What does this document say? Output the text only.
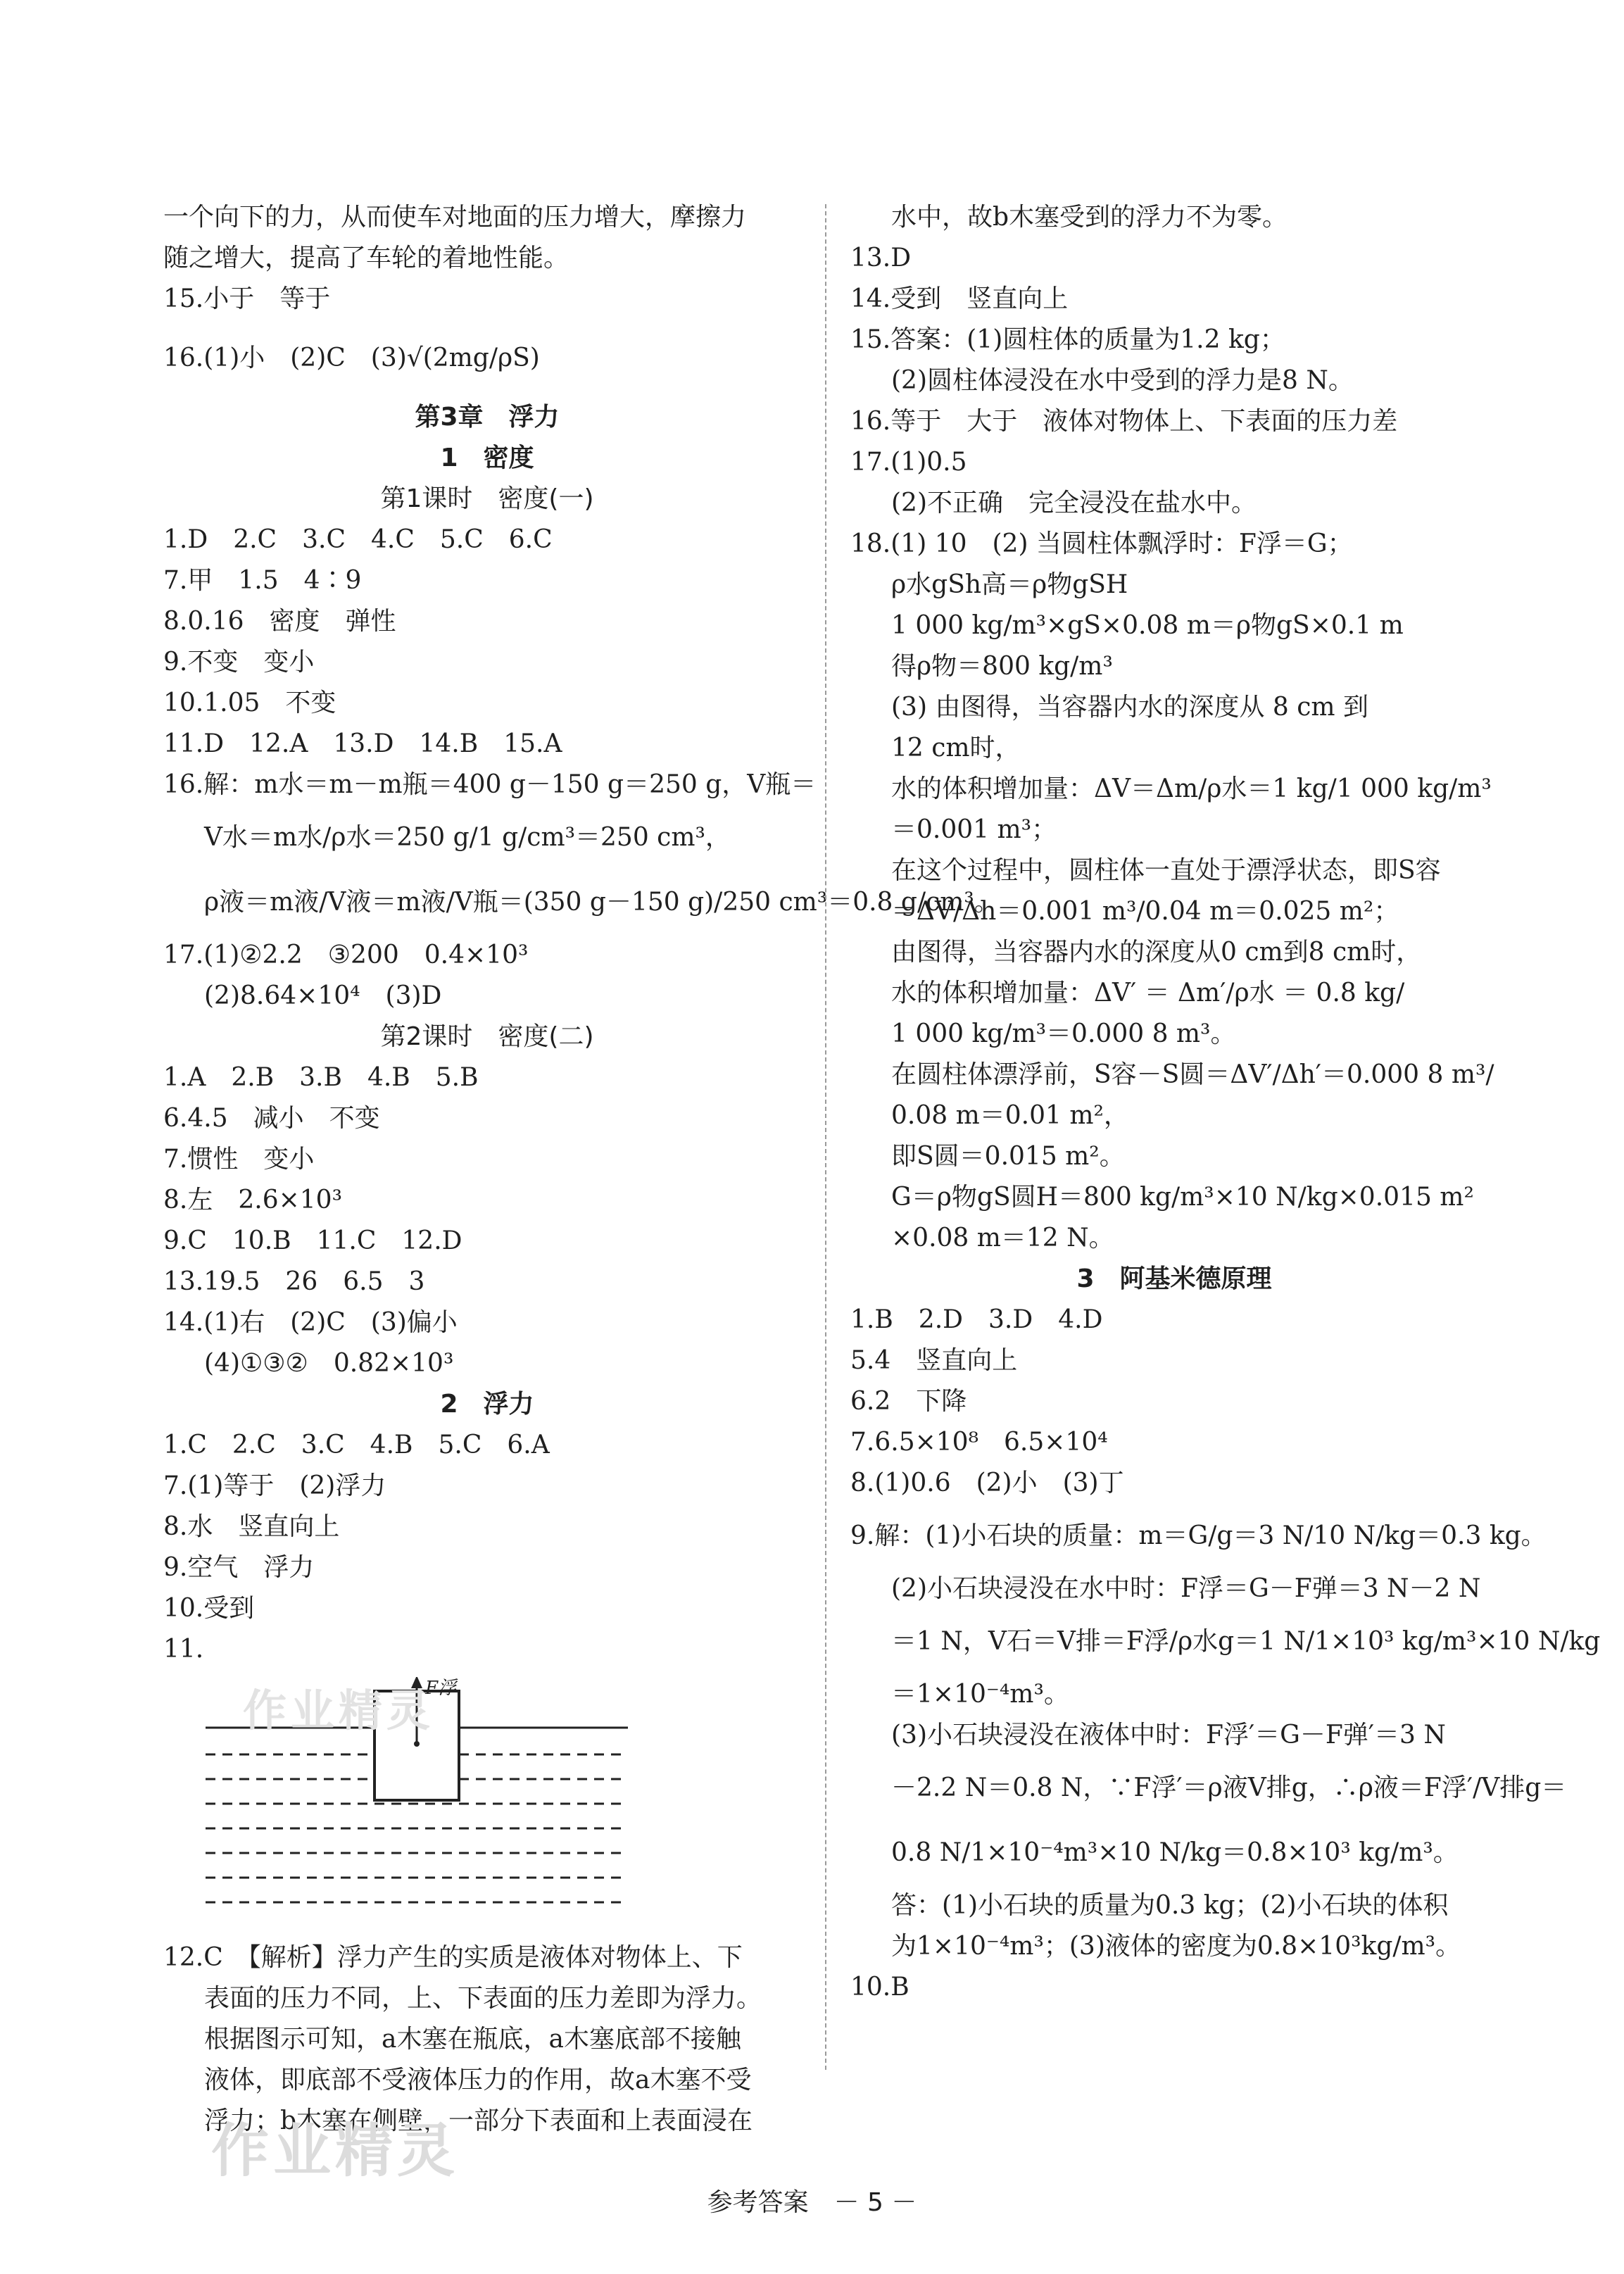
一个向下的力，从而使车对地面的压力增大，摩擦力
随之增大，提高了车轮的着地性能。
15.小于　等于
16.(1)小　(2)C　(3)√(2mg/ρS)
第3章　浮力
1　密度
第1课时　密度(一)
1.D　2.C　3.C　4.C　5.C　6.C
7.甲　1.5　4∶9
8.0.16　密度　弹性
9.不变　变小
10.1.05　不变
11.D　12.A　13.D　14.B　15.A
16.解：m水＝m－m瓶＝400 g－150 g＝250 g，V瓶＝
V水＝m水/ρ水＝250 g/1 g/cm³＝250 cm³，
ρ液＝m液/V液＝m液/V瓶＝(350 g－150 g)/250 cm³＝0.8 g/cm³。
17.(1)②2.2　③200　0.4×10³
(2)8.64×10⁴　(3)D
第2课时　密度(二)
1.A　2.B　3.B　4.B　5.B
6.4.5　减小　不变
7.惯性　变小
8.左　2.6×10³
9.C　10.B　11.C　12.D
13.19.5　26　6.5　3
14.(1)右　(2)C　(3)偏小
(4)①③②　0.82×10³
2　浮力
1.C　2.C　3.C　4.B　5.C　6.A
7.(1)等于　(2)浮力
8.水　竖直向上
9.空气　浮力
10.受到
11.
F浮
12.C　【解析】浮力产生的实质是液体对物体上、下
表面的压力不同，上、下表面的压力差即为浮力。
根据图示可知，a木塞在瓶底，a木塞底部不接触
液体，即底部不受液体压力的作用，故a木塞不受
浮力；b木塞在侧壁，一部分下表面和上表面浸在
水中，故b木塞受到的浮力不为零。
13.D
14.受到　竖直向上
15.答案：(1)圆柱体的质量为1.2 kg；
(2)圆柱体浸没在水中受到的浮力是8 N。
16.等于　大于　液体对物体上、下表面的压力差
17.(1)0.5
(2)不正确　完全浸没在盐水中。
18.(1) 10　(2) 当圆柱体飘浮时：F浮＝G；
ρ水gSh高＝ρ物gSH
1 000 kg/m³×gS×0.08 m＝ρ物gS×0.1 m
得ρ物＝800 kg/m³
(3) 由图得，当容器内水的深度从 8 cm 到
12 cm时，
水的体积增加量：ΔV＝Δm/ρ水＝1 kg/1 000 kg/m³
＝0.001 m³；
在这个过程中，圆柱体一直处于漂浮状态，即S容
＝ΔV/Δh＝0.001 m³/0.04 m＝0.025 m²；
由图得，当容器内水的深度从0 cm到8 cm时，
水的体积增加量：ΔV′ ＝ Δm′/ρ水 ＝ 0.8 kg/
1 000 kg/m³＝0.000 8 m³。
在圆柱体漂浮前，S容－S圆＝ΔV′/Δh′＝0.000 8 m³/
0.08 m＝0.01 m²，
即S圆＝0.015 m²。
G＝ρ物gS圆H＝800 kg/m³×10 N/kg×0.015 m²
×0.08 m＝12 N。
3　阿基米德原理
1.B　2.D　3.D　4.D
5.4　竖直向上
6.2　下降
7.6.5×10⁸　6.5×10⁴
8.(1)0.6　(2)小　(3)丁
9.解：(1)小石块的质量：m＝G/g＝3 N/10 N/kg＝0.3 kg。
(2)小石块浸没在水中时：F浮＝G－F弹＝3 N－2 N
＝1 N，V石＝V排＝F浮/ρ水g＝1 N/1×10³ kg/m³×10 N/kg
＝1×10⁻⁴m³。
(3)小石块浸没在液体中时：F浮′＝G－F弹′＝3 N
－2.2 N＝0.8 N，∵F浮′＝ρ液V排g，∴ρ液＝F浮′/V排g＝
0.8 N/1×10⁻⁴m³×10 N/kg＝0.8×10³ kg/m³。
答：(1)小石块的质量为0.3 kg；(2)小石块的体积
为1×10⁻⁴m³；(3)液体的密度为0.8×10³kg/m³。
10.B
作业精灵
作业精灵
参考答案　－ 5 －
